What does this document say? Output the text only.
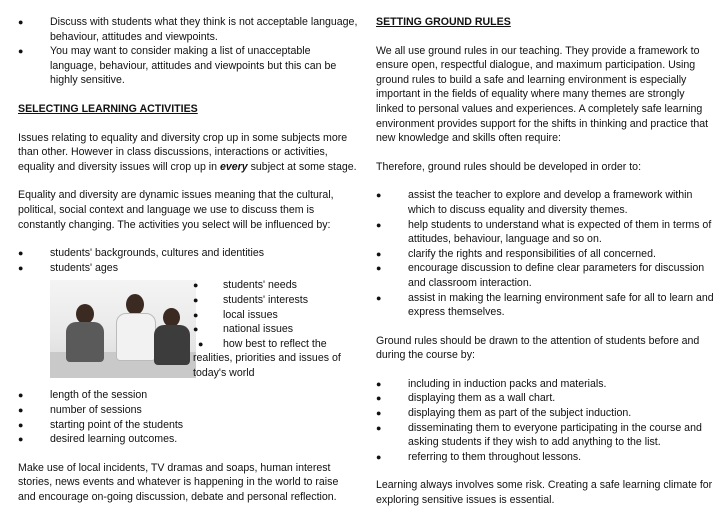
● Discuss with students what they think is not acceptable language, behaviour, attitudes and viewpoints.
● You may want to consider making a list of unacceptable language, behaviour, attitudes and viewpoints but this can be highly sensitive.

SELECTING LEARNING ACTIVITIES

Issues relating to equality and diversity crop up in some subjects more than other. However in class discussions, interactions or activities, equality and diversity issues will crop up in every subject at some stage.

Equality and diversity are dynamic issues meaning that the cultural, political, social context and language we use to discuss them is constantly changing. The activities you select will be influenced by:

● students' backgrounds, cultures and identities
● students' ages
● students' needs
● students' interests
● local issues
● national issues
● how best to reflect the
realities, priorities and issues of today's world
● length of the session
● number of sessions
● starting point of the students
● desired learning outcomes.

Make use of local incidents, TV dramas and soaps, human interest stories, news events and whatever is happening in the world to raise and encourage on-going discussion, debate and personal reflection.

SETTING GROUND RULES

We all use ground rules in our teaching. They provide a framework to ensure open, respectful dialogue, and maximum participation. Using ground rules to build a safe and learning environment is especially important in the fields of equality where many themes are strongly linked to personal values and experiences. A completely safe learning environment provides support for the shifts in thinking and practice that new knowledge and skills often require:

Therefore, ground rules should be developed in order to:

● assist the teacher to explore and develop a framework within which to discuss equality and diversity themes.
● help students to understand what is expected of them in terms of attitudes, behaviour, language and so on.
● clarify the rights and responsibilities of all concerned.
● encourage discussion to define clear parameters for discussion and classroom interaction.
● assist in making the learning environment safe for all to learn and express themselves.

Ground rules should be drawn to the attention of students before and during the course by:

● including in induction packs and materials.
● displaying them as a wall chart.
● displaying them as part of the subject induction.
● disseminating them to everyone participating in the course and asking students if they wish to add anything to the list.
● referring to them throughout lessons.

Learning always involves some risk. Creating a safe learning climate for exploring sensitive issues is essential.
